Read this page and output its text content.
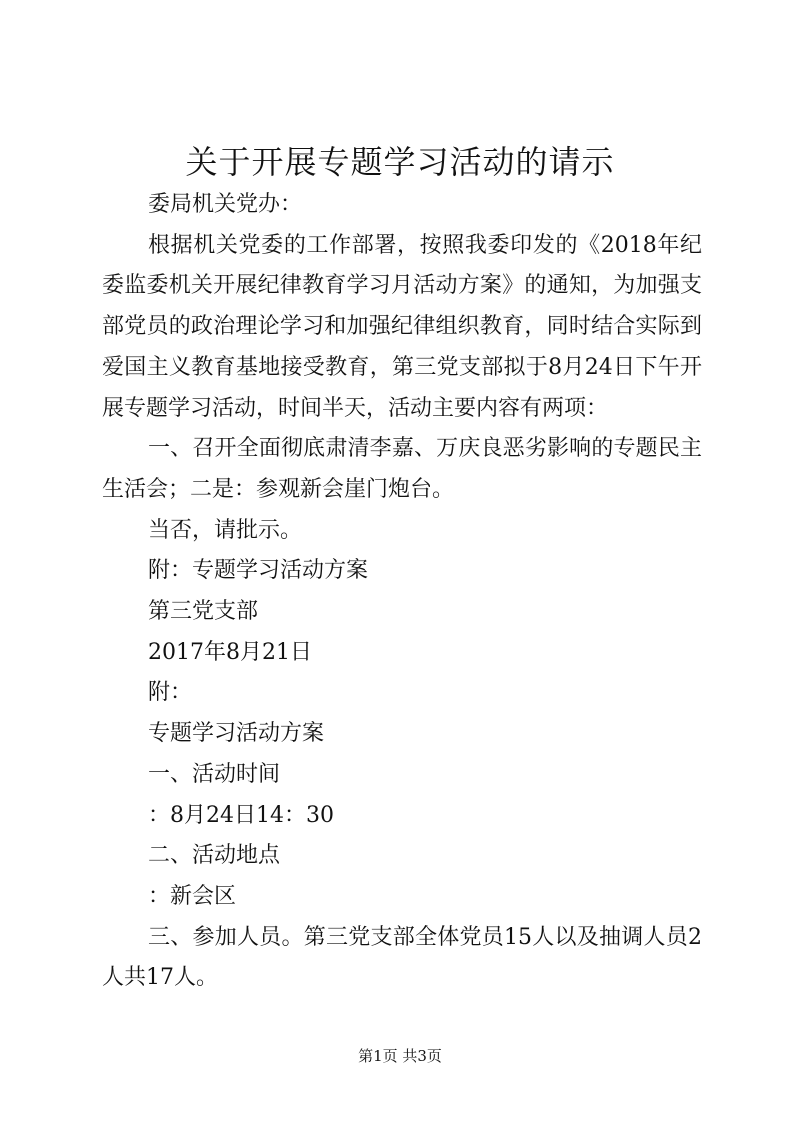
关于开展专题学习活动的请示

委局机关党办：

根据机关党委的工作部署，按照我委印发的《2018年纪委监委机关开展纪律教育学习月活动方案》的通知，为加强支部党员的政治理论学习和加强纪律组织教育，同时结合实际到爱国主义教育基地接受教育，第三党支部拟于8月24日下午开展专题学习活动，时间半天，活动主要内容有两项：

一、召开全面彻底肃清李嘉、万庆良恶劣影响的专题民主生活会；二是：参观新会崖门炮台。

当否，请批示。

附：专题学习活动方案

第三党支部

2017年8月21日

附：

专题学习活动方案

一、活动时间

：8月24日14：30

二、活动地点

：新会区

三、参加人员。第三党支部全体党员15人以及抽调人员2人共17人。

第1页 共3页
